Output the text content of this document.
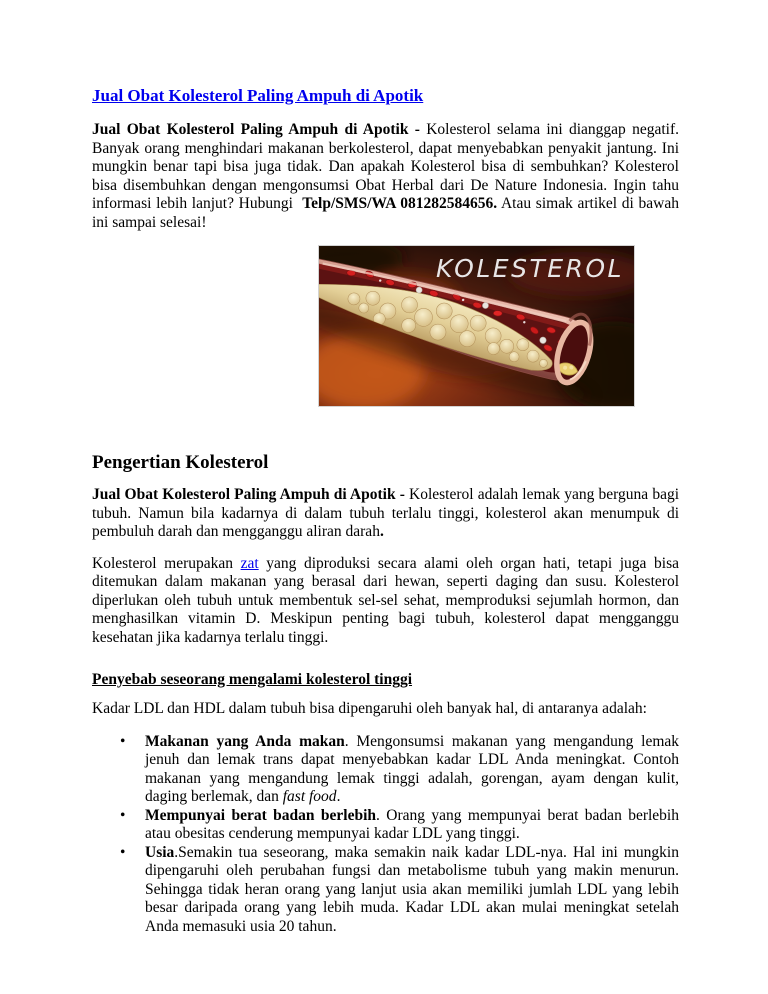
Jual Obat Kolesterol Paling Ampuh di Apotik

Jual Obat Kolesterol Paling Ampuh di Apotik - Kolesterol selama ini dianggap negatif. Banyak orang menghindari makanan berkolesterol, dapat menyebabkan penyakit jantung. Ini mungkin benar tapi bisa juga tidak. Dan apakah Kolesterol bisa di sembuhkan? Kolesterol bisa disembuhkan dengan mengonsumsi Obat Herbal dari De Nature Indonesia. Ingin tahu informasi lebih lanjut? Hubungi  Telp/SMS/WA 081282584656. Atau simak artikel di bawah ini sampai selesai!

KOLESTEROL
Pengertian Kolesterol

Jual Obat Kolesterol Paling Ampuh di Apotik - Kolesterol adalah lemak yang berguna bagi tubuh. Namun bila kadarnya di dalam tubuh terlalu tinggi, kolesterol akan menumpuk di pembuluh darah dan mengganggu aliran darah.

Kolesterol merupakan zat yang diproduksi secara alami oleh organ hati, tetapi juga bisa ditemukan dalam makanan yang berasal dari hewan, seperti daging dan susu. Kolesterol diperlukan oleh tubuh untuk membentuk sel-sel sehat, memproduksi sejumlah hormon, dan menghasilkan vitamin D. Meskipun penting bagi tubuh, kolesterol dapat mengganggu kesehatan jika kadarnya terlalu tinggi.

Penyebab seseorang mengalami kolesterol tinggi

Kadar LDL dan HDL dalam tubuh bisa dipengaruhi oleh banyak hal, di antaranya adalah:

• Makanan yang Anda makan. Mengonsumsi makanan yang mengandung lemak jenuh dan lemak trans dapat menyebabkan kadar LDL Anda meningkat. Contoh makanan yang mengandung lemak tinggi adalah, gorengan, ayam dengan kulit, daging berlemak, dan fast food.
• Mempunyai berat badan berlebih. Orang yang mempunyai berat badan berlebih atau obesitas cenderung mempunyai kadar LDL yang tinggi.
• Usia.Semakin tua seseorang, maka semakin naik kadar LDL-nya. Hal ini mungkin dipengaruhi oleh perubahan fungsi dan metabolisme tubuh yang makin menurun. Sehingga tidak heran orang yang lanjut usia akan memiliki jumlah LDL yang lebih besar daripada orang yang lebih muda. Kadar LDL akan mulai meningkat setelah Anda memasuki usia 20 tahun.
